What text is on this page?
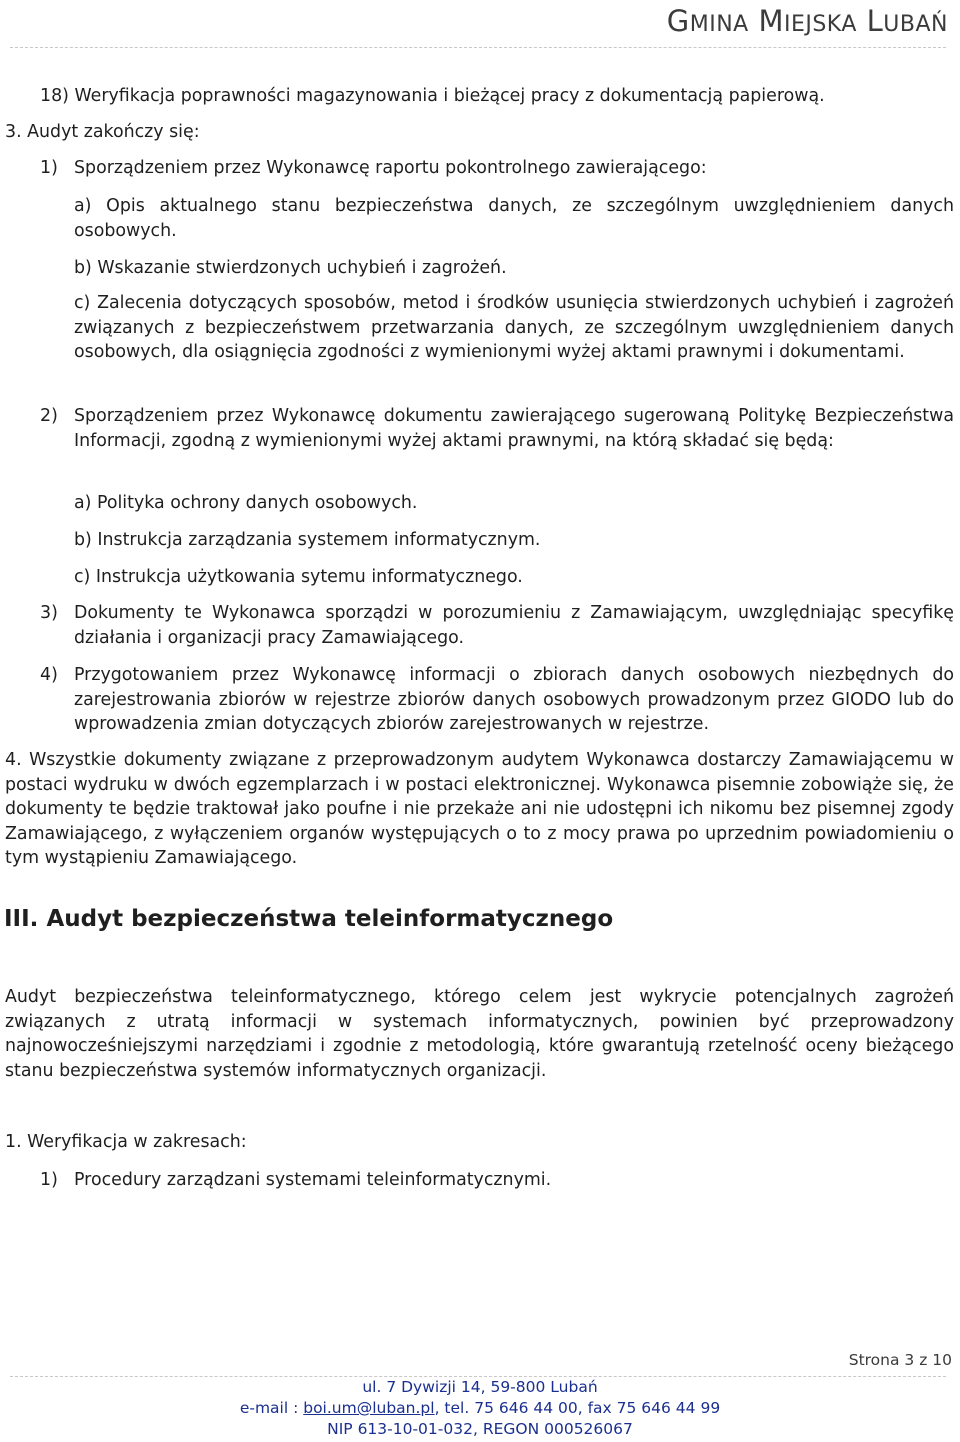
GMINA MIEJSKA LUBAŃ
18) Weryfikacja poprawności magazynowania i bieżącej pracy z dokumentacją papierową.
3. Audyt zakończy się:
1) Sporządzeniem przez Wykonawcę raportu pokontrolnego zawierającego:
a) Opis aktualnego stanu bezpieczeństwa danych, ze szczególnym uwzględnieniem danych osobowych.
b) Wskazanie stwierdzonych uchybień i zagrożeń.
c) Zalecenia dotyczących sposobów, metod i środków usunięcia stwierdzonych uchybień i zagrożeń związanych z bezpieczeństwem przetwarzania danych, ze szczególnym uwzględnieniem danych osobowych, dla osiągnięcia zgodności z wymienionymi wyżej aktami prawnymi i dokumentami.
2) Sporządzeniem przez Wykonawcę dokumentu zawierającego sugerowaną Politykę Bezpieczeństwa Informacji, zgodną z wymienionymi wyżej aktami prawnymi, na którą składać się będą:
a) Polityka ochrony danych osobowych.
b) Instrukcja zarządzania systemem informatycznym.
c) Instrukcja użytkowania sytemu informatycznego.
3) Dokumenty te Wykonawca sporządzi w porozumieniu z Zamawiającym, uwzględniając specyfikę działania i organizacji pracy Zamawiającego.
4) Przygotowaniem przez Wykonawcę informacji o zbiorach danych osobowych niezbędnych do zarejestrowania zbiorów w rejestrze zbiorów danych osobowych prowadzonym przez GIODO lub do wprowadzenia zmian dotyczących zbiorów zarejestrowanych w rejestrze.
4. Wszystkie dokumenty związane z przeprowadzonym audytem Wykonawca dostarczy Zamawiającemu w postaci wydruku w dwóch egzemplarzach i w postaci elektronicznej. Wykonawca pisemnie zobowiąże się, że dokumenty te będzie traktował jako poufne i nie przekaże ani nie udostępni ich nikomu bez pisemnej zgody Zamawiającego, z wyłączeniem organów występujących o to z mocy prawa po uprzednim powiadomieniu o tym wystąpieniu Zamawiającego.
III. Audyt bezpieczeństwa teleinformatycznego
Audyt bezpieczeństwa teleinformatycznego, którego celem jest wykrycie potencjalnych zagrożeń związanych z utratą informacji w systemach informatycznych, powinien być przeprowadzony najnowocześniejszymi narzędziami i zgodnie z metodologią, które gwarantują rzetelność oceny bieżącego stanu bezpieczeństwa systemów informatycznych organizacji.
1. Weryfikacja w zakresach:
1) Procedury zarządzani systemami teleinformatycznymi.
Strona 3 z 10
ul. 7 Dywizji 14, 59-800 Lubań
e-mail : boi.um@luban.pl, tel. 75 646 44 00, fax 75 646 44 99
NIP 613-10-01-032, REGON 000526067
